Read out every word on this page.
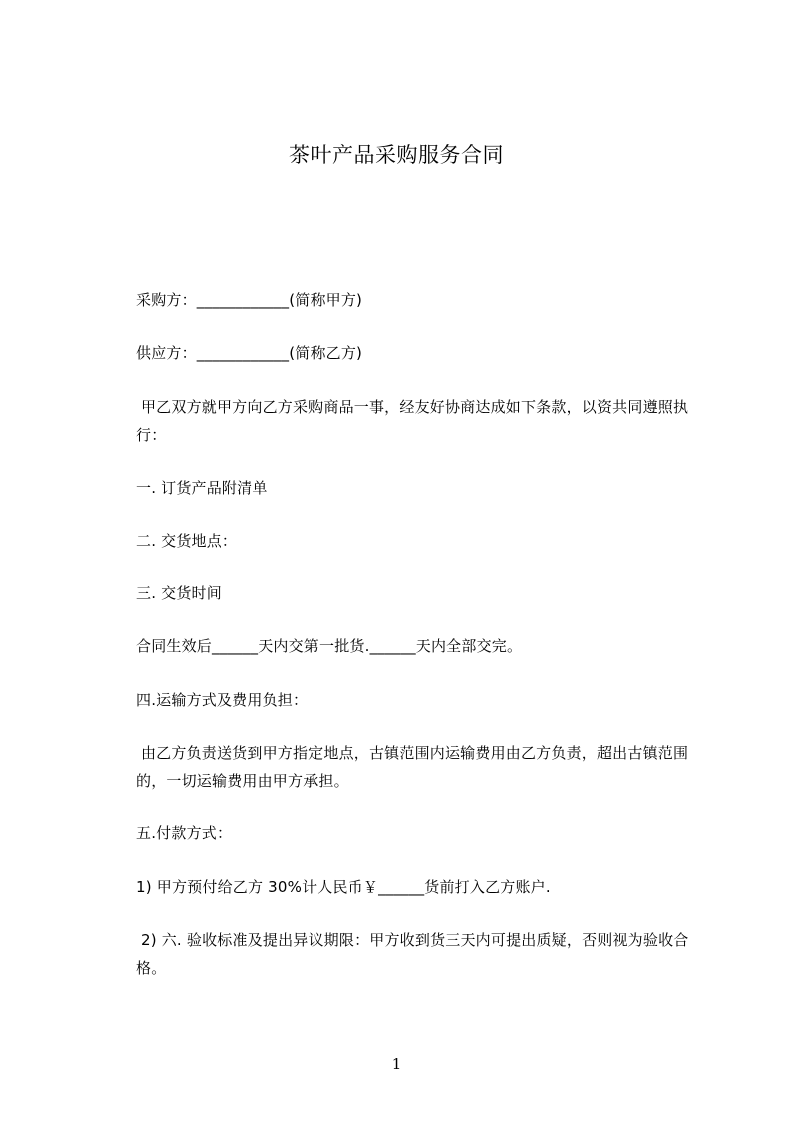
茶叶产品采购服务合同
采购方：____________(简称甲方)
供应方：____________(简称乙方)
甲乙双方就甲方向乙方采购商品一事，经友好协商达成如下条款，以资共同遵照执行：
一. 订货产品附清单
二. 交货地点：
三. 交货时间
合同生效后______天内交第一批货.______天内全部交完。
四.运输方式及费用负担：
由乙方负责送货到甲方指定地点，古镇范围内运输费用由乙方负责，超出古镇范围的，一切运输费用由甲方承担。
五.付款方式：
1) 甲方预付给乙方 30%计人民币￥______货前打入乙方账户.
2) 六. 验收标准及提出异议期限：甲方收到货三天内可提出质疑，否则视为验收合格。
1
